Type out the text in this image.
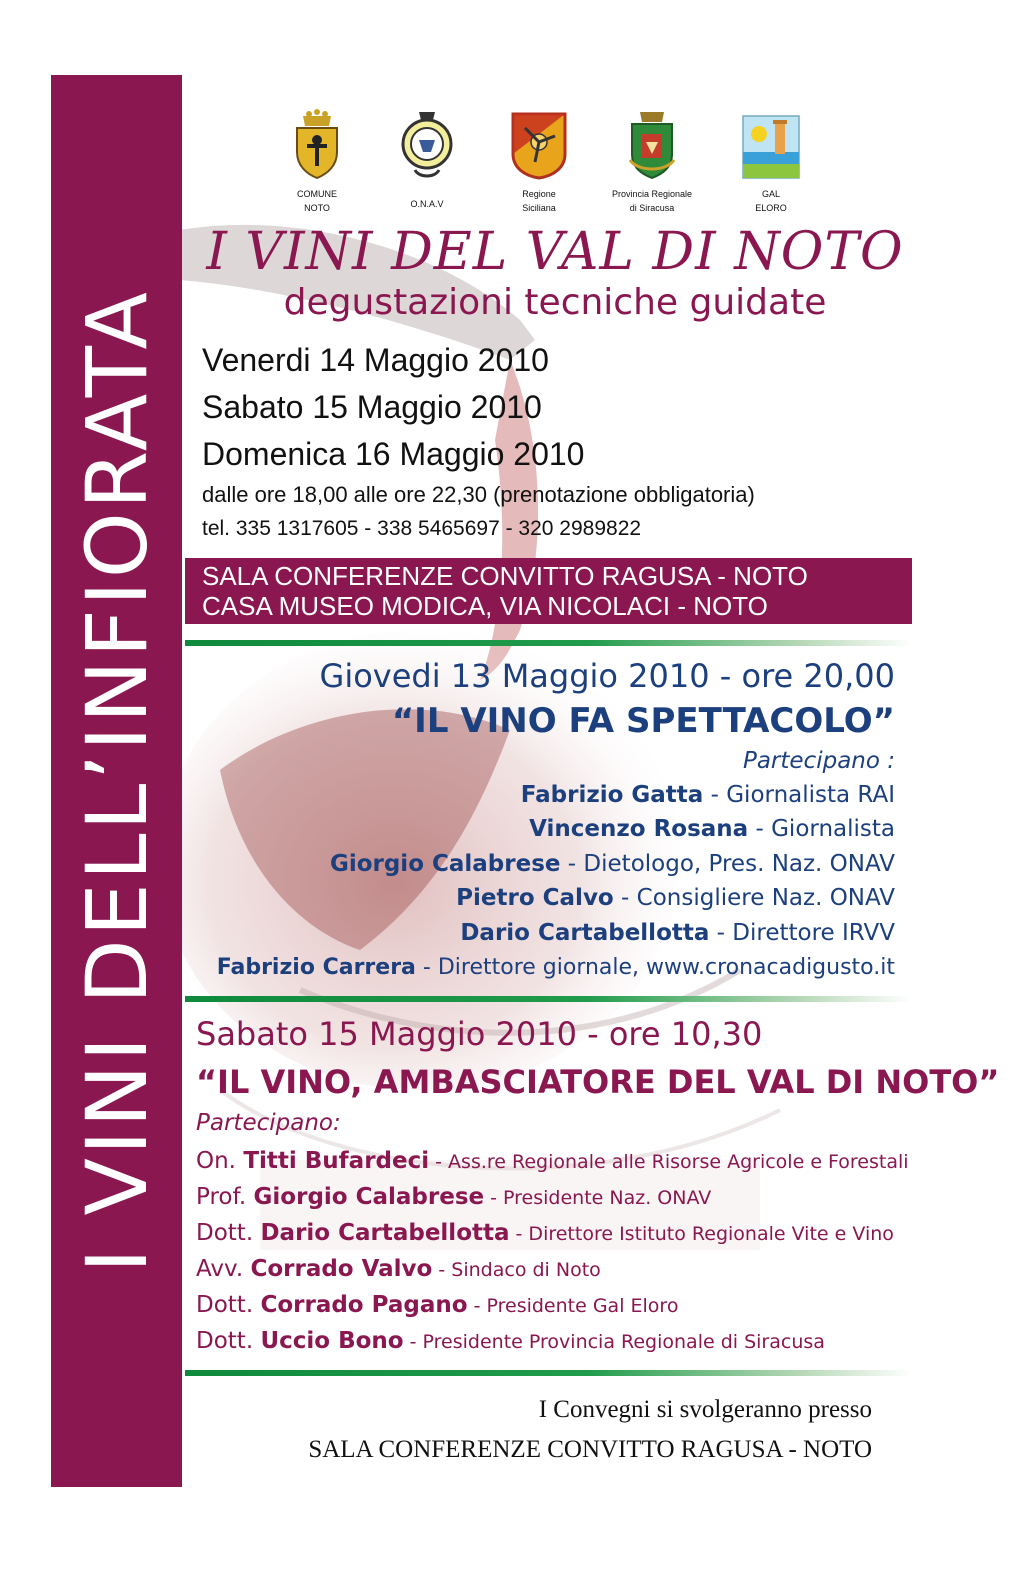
I VINI DELL’INFIORATA
COMUNE
NOTO	O.N.A.V
Regione
Siciliana
Provincia Regionale
di Siracusa
GAL
ELORO
I VINI DEL VAL DI NOTO
degustazioni tecniche guidate
Venerdi 14 Maggio 2010
Sabato 15 Maggio 2010
Domenica 16 Maggio 2010
dalle ore 18,00 alle ore 22,30 (prenotazione obbligatoria)
tel. 335 1317605 - 338 5465697 - 320 2989822
SALA CONFERENZE CONVITTO RAGUSA - NOTO
CASA MUSEO MODICA, VIA NICOLACI - NOTO
Giovedi 13 Maggio 2010 - ore 20,00
“IL VINO FA SPETTACOLO”
Partecipano :
Fabrizio Gatta - Giornalista RAI
Vincenzo Rosana - Giornalista
Giorgio Calabrese - Dietologo, Pres. Naz. ONAV
Pietro Calvo - Consigliere Naz. ONAV
Dario Cartabellotta - Direttore IRVV
Fabrizio Carrera - Direttore giornale, www.cronacadigusto.it
Sabato 15 Maggio 2010 - ore 10,30
“IL VINO, AMBASCIATORE DEL VAL DI NOTO”
Partecipano:
On. Titti Bufardeci - Ass.re Regionale alle Risorse Agricole e Forestali
Prof. Giorgio Calabrese - Presidente Naz. ONAV
Dott. Dario Cartabellotta - Direttore Istituto Regionale Vite e Vino
Avv. Corrado Valvo - Sindaco di Noto
Dott. Corrado Pagano - Presidente Gal Eloro
Dott. Uccio Bono - Presidente Provincia Regionale di Siracusa
I Convegni si svolgeranno presso
SALA CONFERENZE CONVITTO RAGUSA - NOTO
